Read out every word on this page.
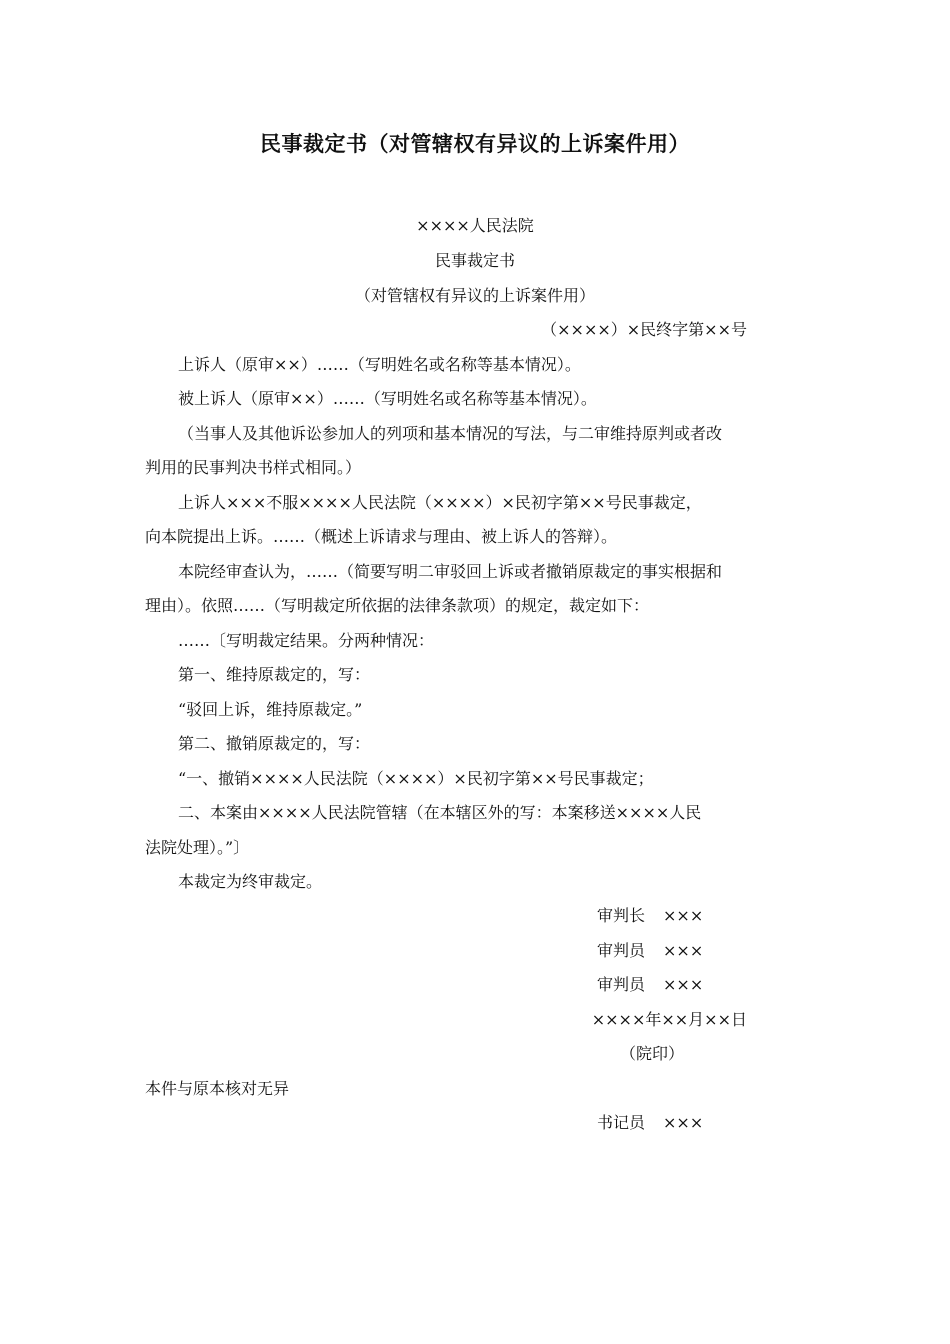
民事裁定书（对管辖权有异议的上诉案件用）
××××人民法院
民事裁定书
（对管辖权有异议的上诉案件用）
（××××）×民终字第××号
上诉人（原审××）……（写明姓名或名称等基本情况）。
被上诉人（原审××）……（写明姓名或名称等基本情况）。
（当事人及其他诉讼参加人的列项和基本情况的写法，与二审维持原判或者改
判用的民事判决书样式相同。）
上诉人×××不服××××人民法院（××××）×民初字第××号民事裁定，
向本院提出上诉。……（概述上诉请求与理由、被上诉人的答辩）。
本院经审查认为，……（简要写明二审驳回上诉或者撤销原裁定的事实根据和
理由）。依照……（写明裁定所依据的法律条款项）的规定，裁定如下：
……〔写明裁定结果。分两种情况：
第一、维持原裁定的，写：
“驳回上诉，维持原裁定。”
第二、撤销原裁定的，写：
“一、撤销××××人民法院（××××）×民初字第××号民事裁定；
二、本案由××××人民法院管辖（在本辖区外的写：本案移送××××人民
法院处理）。”〕
本裁定为终审裁定。
审判长 ×××
审判员 ×××
审判员 ×××
××××年××月××日
（院印）
本件与原本核对无异
书记员 ×××
